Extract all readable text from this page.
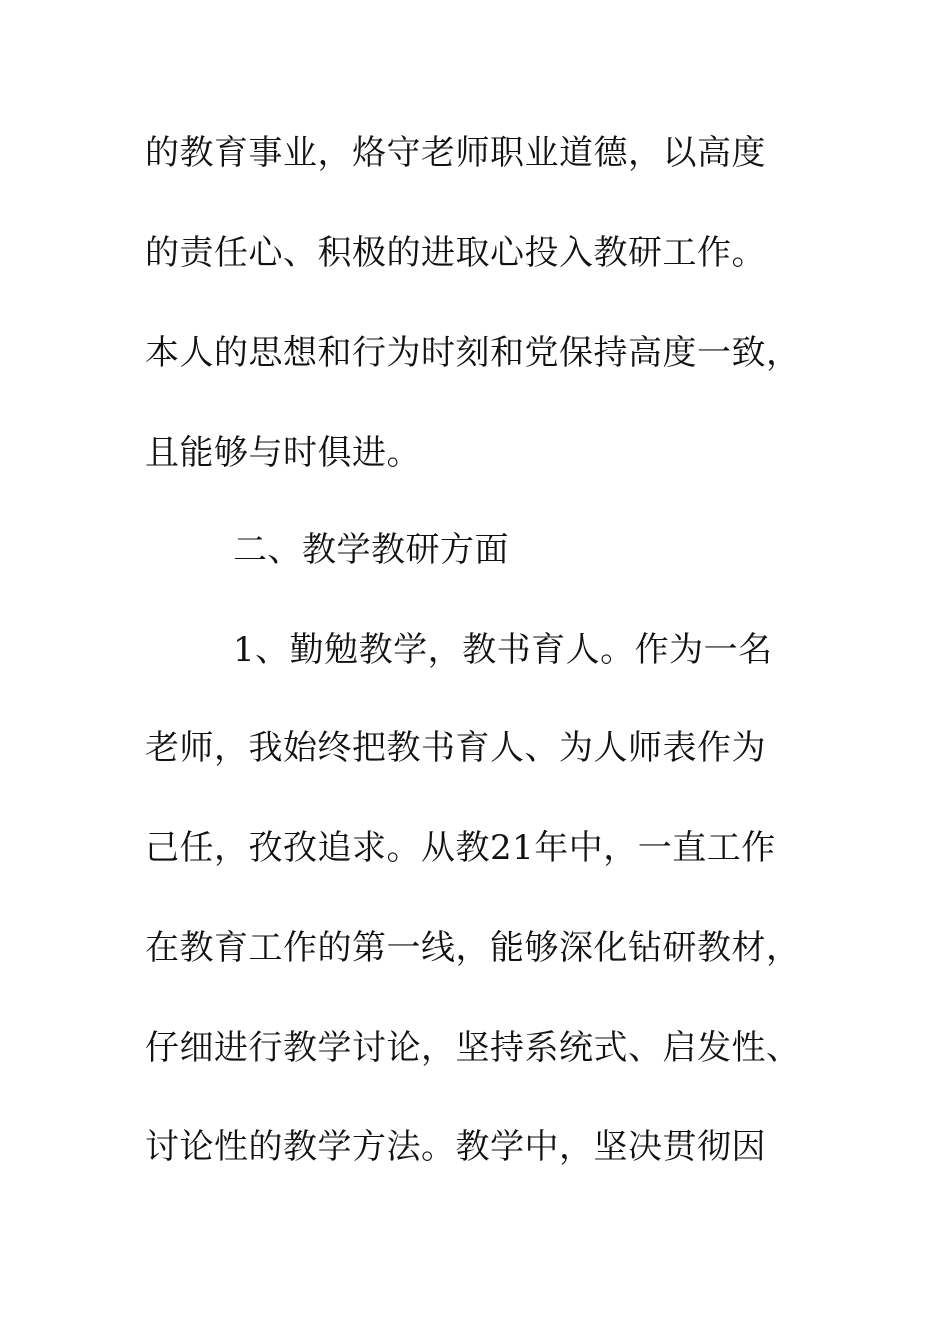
的教育事业，烙守老师职业道德，以高度
的责任心、积极的进取心投入教研工作。
本人的思想和行为时刻和党保持高度一致，
且能够与时俱进。
二、教学教研方面
1、勤勉教学，教书育人。作为一名
老师，我始终把教书育人、为人师表作为
己任，孜孜追求。从教21年中，一直工作
在教育工作的第一线，能够深化钻研教材，
仔细进行教学讨论，坚持系统式、启发性、
讨论性的教学方法。教学中，坚决贯彻因
